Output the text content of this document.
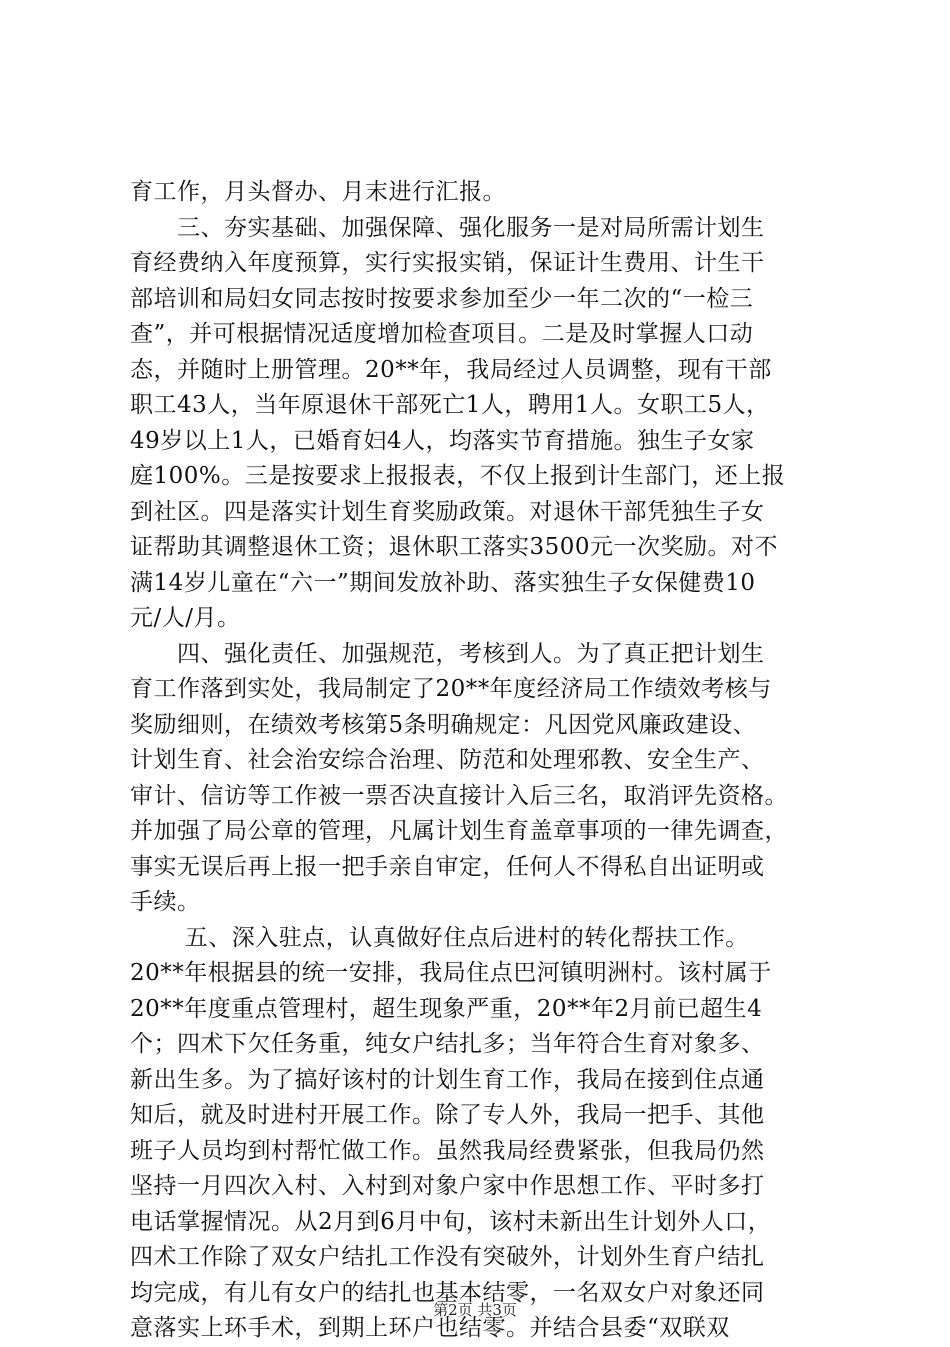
育工作，月头督办、月末进行汇报。
　　三、夯实基础、加强保障、强化服务一是对局所需计划生
育经费纳入年度预算，实行实报实销，保证计生费用、计生干
部培训和局妇女同志按时按要求参加至少一年二次的“一检三
查”，并可根据情况适度增加检查项目。二是及时掌握人口动
态，并随时上册管理。20**年，我局经过人员调整，现有干部
职工43人，当年原退休干部死亡1人，聘用1人。女职工5人，
49岁以上1人，已婚育妇4人，均落实节育措施。独生子女家
庭100%。三是按要求上报报表，不仅上报到计生部门，还上报
到社区。四是落实计划生育奖励政策。对退休干部凭独生子女
证帮助其调整退休工资；退休职工落实3500元一次奖励。对不
满14岁儿童在“六一”期间发放补助、落实独生子女保健费10
元/人/月。
　　四、强化责任、加强规范，考核到人。为了真正把计划生
育工作落到实处，我局制定了20**年度经济局工作绩效考核与
奖励细则，在绩效考核第5条明确规定：凡因党风廉政建设、
计划生育、社会治安综合治理、防范和处理邪教、安全生产、
审计、信访等工作被一票否决直接计入后三名，取消评先资格。
并加强了局公章的管理，凡属计划生育盖章事项的一律先调查，
事实无误后再上报一把手亲自审定，任何人不得私自出证明或
手续。
　　 五、深入驻点，认真做好住点后进村的转化帮扶工作。
20**年根据县的统一安排，我局住点巴河镇明洲村。该村属于
20**年度重点管理村，超生现象严重，20**年2月前已超生4
个；四术下欠任务重，纯女户结扎多；当年符合生育对象多、
新出生多。为了搞好该村的计划生育工作，我局在接到住点通
知后，就及时进村开展工作。除了专人外，我局一把手、其他
班子人员均到村帮忙做工作。虽然我局经费紧张，但我局仍然
坚持一月四次入村、入村到对象户家中作思想工作、平时多打
电话掌握情况。从2月到6月中旬，该村未新出生计划外人口，
四术工作除了双女户结扎工作没有突破外，计划外生育户结扎
均完成，有儿有女户的结扎也基本结零，一名双女户对象还同
意落实上环手术，到期上环户也结零。并结合县委“双联双
第2页 共3页
